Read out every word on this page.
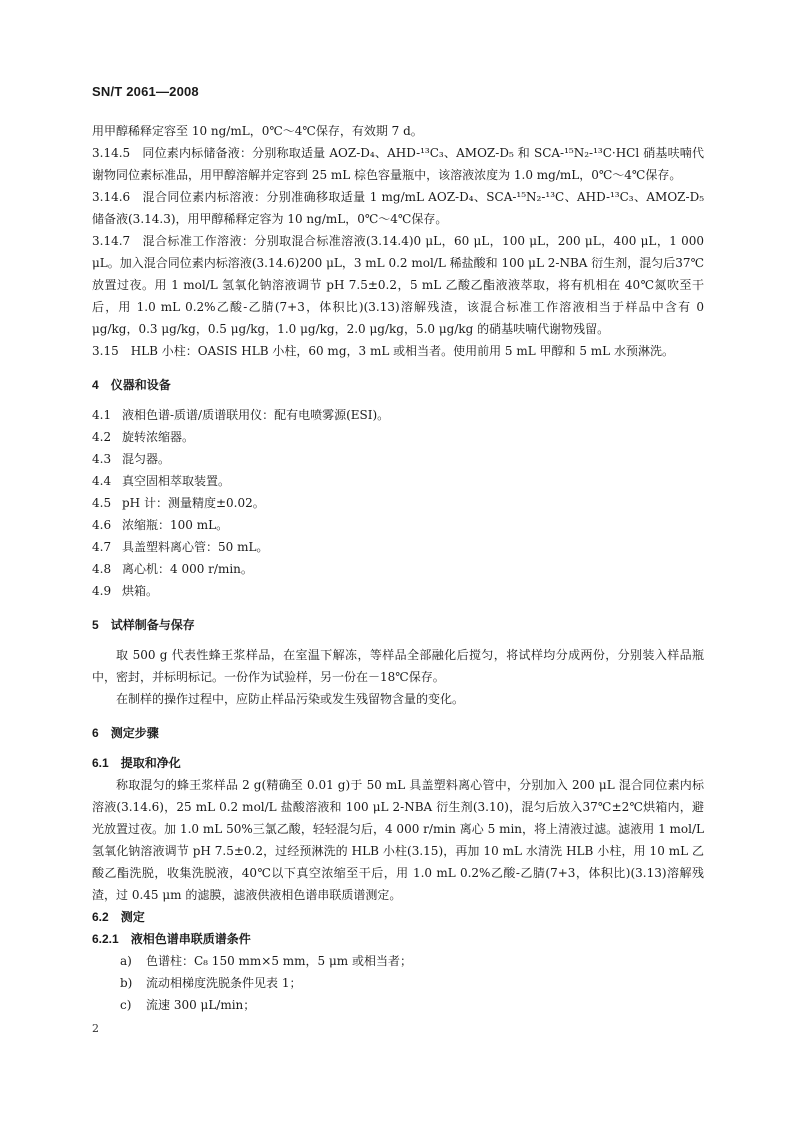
SN/T 2061—2008

用甲醇稀释定容至 10 ng/mL，0℃～4℃保存，有效期 7 d。

3.14.5 同位素内标储备液：分别称取适量 AOZ-D₄、AHD-¹³C₃、AMOZ-D₅ 和 SCA-¹⁵N₂-¹³C·HCl 硝基呋喃代谢物同位素标准品，用甲醇溶解并定容到 25 mL 棕色容量瓶中，该溶液浓度为 1.0 mg/mL，0℃～4℃保存。

3.14.6 混合同位素内标溶液：分别准确移取适量 1 mg/mL AOZ-D₄、SCA-¹⁵N₂-¹³C、AHD-¹³C₃、AMOZ-D₅ 储备液(3.14.3)，用甲醇稀释定容为 10 ng/mL，0℃～4℃保存。

3.14.7 混合标准工作溶液：分别取混合标准溶液(3.14.4)0 μL，60 μL，100 μL，200 μL，400 μL，1 000 μL。加入混合同位素内标溶液(3.14.6)200 μL，3 mL 0.2 mol/L 稀盐酸和 100 μL 2-NBA 衍生剂，混匀后37℃放置过夜。用 1 mol/L 氢氧化钠溶液调节 pH 7.5±0.2，5 mL 乙酸乙酯液液萃取，将有机相在 40℃氮吹至干后，用 1.0 mL 0.2%乙酸-乙腈(7+3，体积比)(3.13)溶解残渣，该混合标准工作溶液相当于样品中含有 0 μg/kg，0.3 μg/kg，0.5 μg/kg，1.0 μg/kg，2.0 μg/kg，5.0 μg/kg 的硝基呋喃代谢物残留。

3.15 HLB 小柱：OASIS HLB 小柱，60 mg，3 mL 或相当者。使用前用 5 mL 甲醇和 5 mL 水预淋洗。

4 仪器和设备

4.1 液相色谱-质谱/质谱联用仪：配有电喷雾源(ESI)。

4.2 旋转浓缩器。

4.3 混匀器。

4.4 真空固相萃取装置。

4.5 pH 计：测量精度±0.02。

4.6 浓缩瓶：100 mL。

4.7 具盖塑料离心管：50 mL。

4.8 离心机：4 000 r/min。

4.9 烘箱。

5 试样制备与保存

取 500 g 代表性蜂王浆样品，在室温下解冻，等样品全部融化后搅匀，将试样均分成两份，分别装入样品瓶中，密封，并标明标记。一份作为试验样，另一份在－18℃保存。

在制样的操作过程中，应防止样品污染或发生残留物含量的变化。

6 测定步骤

6.1 提取和净化

称取混匀的蜂王浆样品 2 g(精确至 0.01 g)于 50 mL 具盖塑料离心管中，分别加入 200 μL 混合同位素内标溶液(3.14.6)，25 mL 0.2 mol/L 盐酸溶液和 100 μL 2-NBA 衍生剂(3.10)，混匀后放入37℃±2℃烘箱内，避光放置过夜。加 1.0 mL 50%三氯乙酸，轻轻混匀后，4 000 r/min 离心 5 min，将上清液过滤。滤液用 1 mol/L 氢氧化钠溶液调节 pH 7.5±0.2，过经预淋洗的 HLB 小柱(3.15)，再加 10 mL 水清洗 HLB 小柱，用 10 mL 乙酸乙酯洗脱，收集洗脱液，40℃以下真空浓缩至干后，用 1.0 mL 0.2%乙酸-乙腈(7+3，体积比)(3.13)溶解残渣，过 0.45 μm 的滤膜，滤液供液相色谱串联质谱测定。

6.2 测定

6.2.1 液相色谱串联质谱条件

a) 色谱柱：C₈ 150 mm×5 mm，5 μm 或相当者；

b) 流动相梯度洗脱条件见表 1；

c) 流速 300 μL/min；

2
